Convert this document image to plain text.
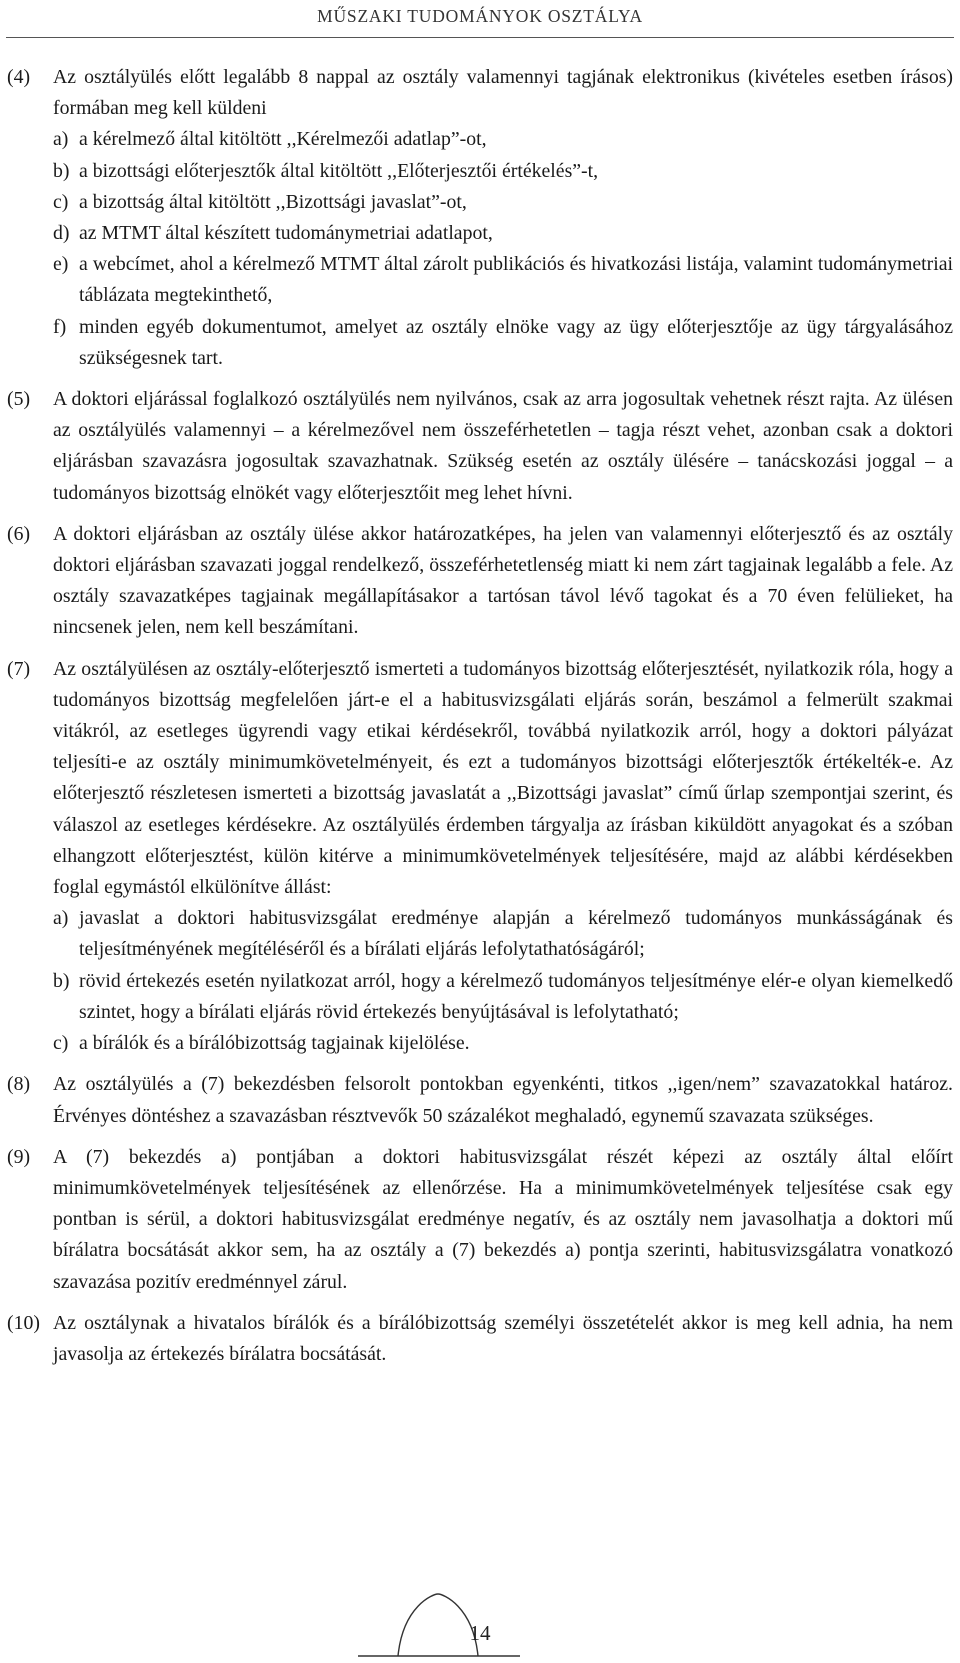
MŰSZAKI TUDOMÁNYOK OSZTÁLYA
(4) Az osztályülés előtt legalább 8 nappal az osztály valamennyi tagjának elektronikus (kivételes esetben írásos) formában meg kell küldeni
a) a kérelmező által kitöltött ,,Kérelmezői adatlap”-ot,
b) a bizottsági előterjesztők által kitöltött ,,Előterjesztői értékelés”-t,
c) a bizottság által kitöltött ,,Bizottsági javaslat”-ot,
d) az MTMT által készített tudománymetriai adatlapot,
e) a webcímet, ahol a kérelmező MTMT által zárolt publikációs és hivatkozási listája, valamint tudománymetriai táblázata megtekinthető,
f) minden egyéb dokumentumot, amelyet az osztály elnöke vagy az ügy előterjesztője az ügy tárgyalásához szükségesnek tart.
(5) A doktori eljárással foglalkozó osztályülés nem nyilvános, csak az arra jogosultak vehetnek részt rajta. Az ülésen az osztályülés valamennyi – a kérelmezővel nem összeférhetetlen – tagja részt vehet, azonban csak a doktori eljárásban szavazásra jogosultak szavazhatnak. Szükség esetén az osztály ülésére – tanácskozási joggal – a tudományos bizottság elnökét vagy előterjesztőit meg lehet hívni.
(6) A doktori eljárásban az osztály ülése akkor határozatképes, ha jelen van valamennyi előterjesztő és az osztály doktori eljárásban szavazati joggal rendelkező, összeférhetetlenség miatt ki nem zárt tagjainak legalább a fele. Az osztály szavazatképes tagjainak megállapításakor a tartósan távol lévő tagokat és a 70 éven felülieket, ha nincsenek jelen, nem kell beszámítani.
(7) Az osztályülésen az osztály-előterjesztő ismerteti a tudományos bizottság előterjesztését, nyilatkozik róla, hogy a tudományos bizottság megfelelően járt-e el a habitusvizsgálati eljárás során, beszámol a felmerült szakmai vitákról, az esetleges ügyrendi vagy etikai kérdésekről, továbbá nyilatkozik arról, hogy a doktori pályázat teljesíti-e az osztály minimumkövetelményeit, és ezt a tudományos bizottsági előterjesztők értékelték-e. Az előterjesztő részletesen ismerteti a bizottság javaslatát a ,,Bizottsági javaslat” című űrlap szempontjai szerint, és válaszol az esetleges kérdésekre. Az osztályülés érdemben tárgyalja az írásban kiküldött anyagokat és a szóban elhangzott előterjesztést, külön kitérve a minimumkövetelmények teljesítésére, majd az alábbi kérdésekben foglal egymástól elkülönítve állást:
a) javaslat a doktori habitusvizsgálat eredménye alapján a kérelmező tudományos munkásságának és teljesítményének megítéléséről és a bírálati eljárás lefolytathatóságáról;
b) rövid értekezés esetén nyilatkozat arról, hogy a kérelmező tudományos teljesítménye elér-e olyan kiemelkedő szintet, hogy a bírálati eljárás rövid értekezés benyújtásával is lefolytatható;
c) a bírálók és a bírálóbizottság tagjainak kijelölése.
(8) Az osztályülés a (7) bekezdésben felsorolt pontokban egyenkénti, titkos ,,igen/nem” szavazatokkal határoz. Érvényes döntéshez a szavazásban résztvevők 50 százalékot meghaladó, egynemű szavazata szükséges.
(9) A (7) bekezdés a) pontjában a doktori habitusvizsgálat részét képezi az osztály által előírt minimumkövetelmények teljesítésének az ellenőrzése. Ha a minimumkövetelmények teljesítése csak egy pontban is sérül, a doktori habitusvizsgálat eredménye negatív, és az osztály nem javasolhatja a doktori mű bírálatra bocsátását akkor sem, ha az osztály a (7) bekezdés a) pontja szerinti, habitusvizsgálatra vonatkozó szavazása pozitív eredménnyel zárul.
(10) Az osztálynak a hivatalos bírálók és a bírálóbizottság személyi összetételét akkor is meg kell adnia, ha nem javasolja az értekezés bírálatra bocsátását.
14
